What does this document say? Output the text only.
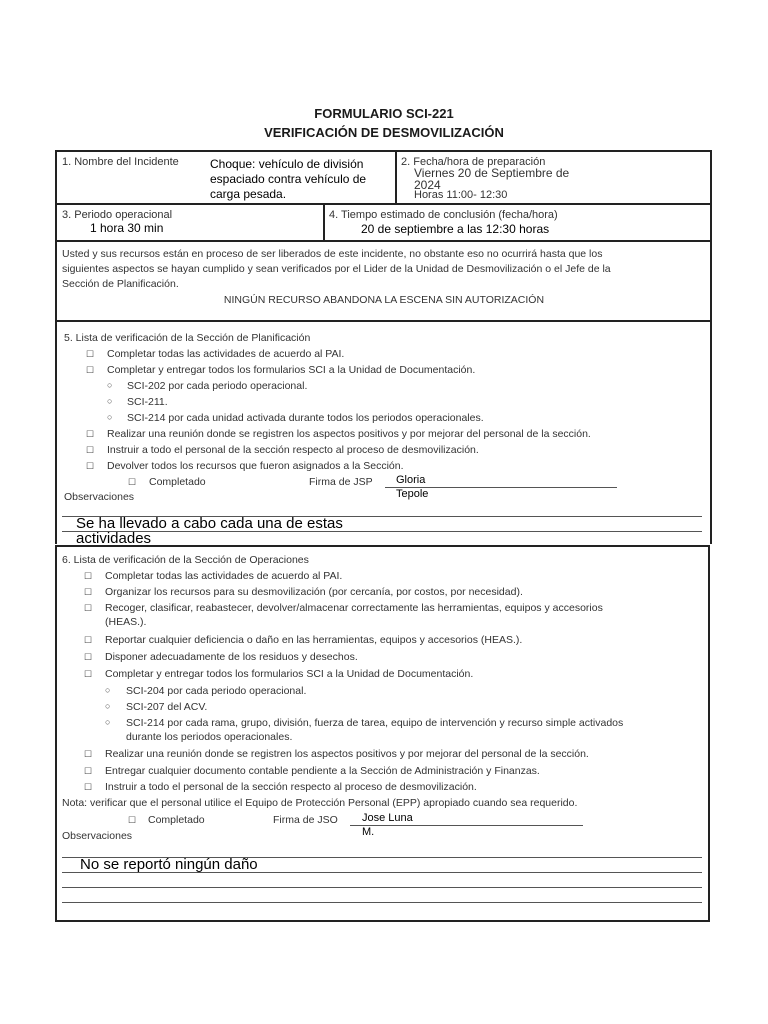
FORMULARIO SCI-221
VERIFICACIÓN DE DESMOVILIZACIÓN
1. Nombre del Incidente	Choque: vehículo de división
espaciado contra vehículo de
carga pesada.
2. Fecha/hora de preparación
Viernes 20 de Septiembre de
2024
Horas 11:00- 12:30
3. Periodo operacional
1 hora 30 min
4. Tiempo estimado de conclusión (fecha/hora)
20 de septiembre a las 12:30 horas
Usted y sus recursos están en proceso de ser liberados de este incidente, no obstante eso no ocurrirá hasta que los
siguientes aspectos se hayan cumplido y sean verificados por el Lider de la Unidad de Desmovilización o el Jefe de la
Sección de Planificación.
NINGÚN RECURSO ABANDONA LA ESCENA SIN AUTORIZACIÓN
5. Lista de verificación de la Sección de Planificación
☐ Completar todas las actividades de acuerdo al PAI.
☐ Completar y entregar todos los formularios SCI a la Unidad de Documentación.
○ SCI-202 por cada periodo operacional.
○ SCI-211.
○ SCI-214 por cada unidad activada durante todos los periodos operacionales.
☐ Realizar una reunión donde se registren los aspectos positivos y por mejorar del personal de la sección.
☐ Instruir a todo el personal de la sección respecto al proceso de desmovilización.
☐ Devolver todos los recursos que fueron asignados a la Sección.
☐ Completado	Firma de JSP Gloria
Tepole
Observaciones
Se ha llevado a cabo cada una de estas
actividades
6. Lista de verificación de la Sección de Operaciones
☐ Completar todas las actividades de acuerdo al PAI.
☐ Organizar los recursos para su desmovilización (por cercanía, por costos, por necesidad).
☐ Recoger, clasificar, reabastecer, devolver/almacenar correctamente las herramientas, equipos y accesorios
(HEAS.).
☐ Reportar cualquier deficiencia o daño en las herramientas, equipos y accesorios (HEAS.).
☐ Disponer adecuadamente de los residuos y desechos.
☐ Completar y entregar todos los formularios SCI a la Unidad de Documentación.
○ SCI-204 por cada periodo operacional.
○ SCI-207 del ACV.
○ SCI-214 por cada rama, grupo, división, fuerza de tarea, equipo de intervención y recurso simple activados
durante los periodos operacionales.
☐ Realizar una reunión donde se registren los aspectos positivos y por mejorar del personal de la sección.
☐ Entregar cualquier documento contable pendiente a la Sección de Administración y Finanzas.
☐ Instruir a todo el personal de la sección respecto al proceso de desmovilización.
Nota: verificar que el personal utilice el Equipo de Protección Personal (EPP) apropiado cuando sea requerido.
☐ Completado	Firma de JSO Jose Luna
M.
Observaciones
No se reportó ningún daño
